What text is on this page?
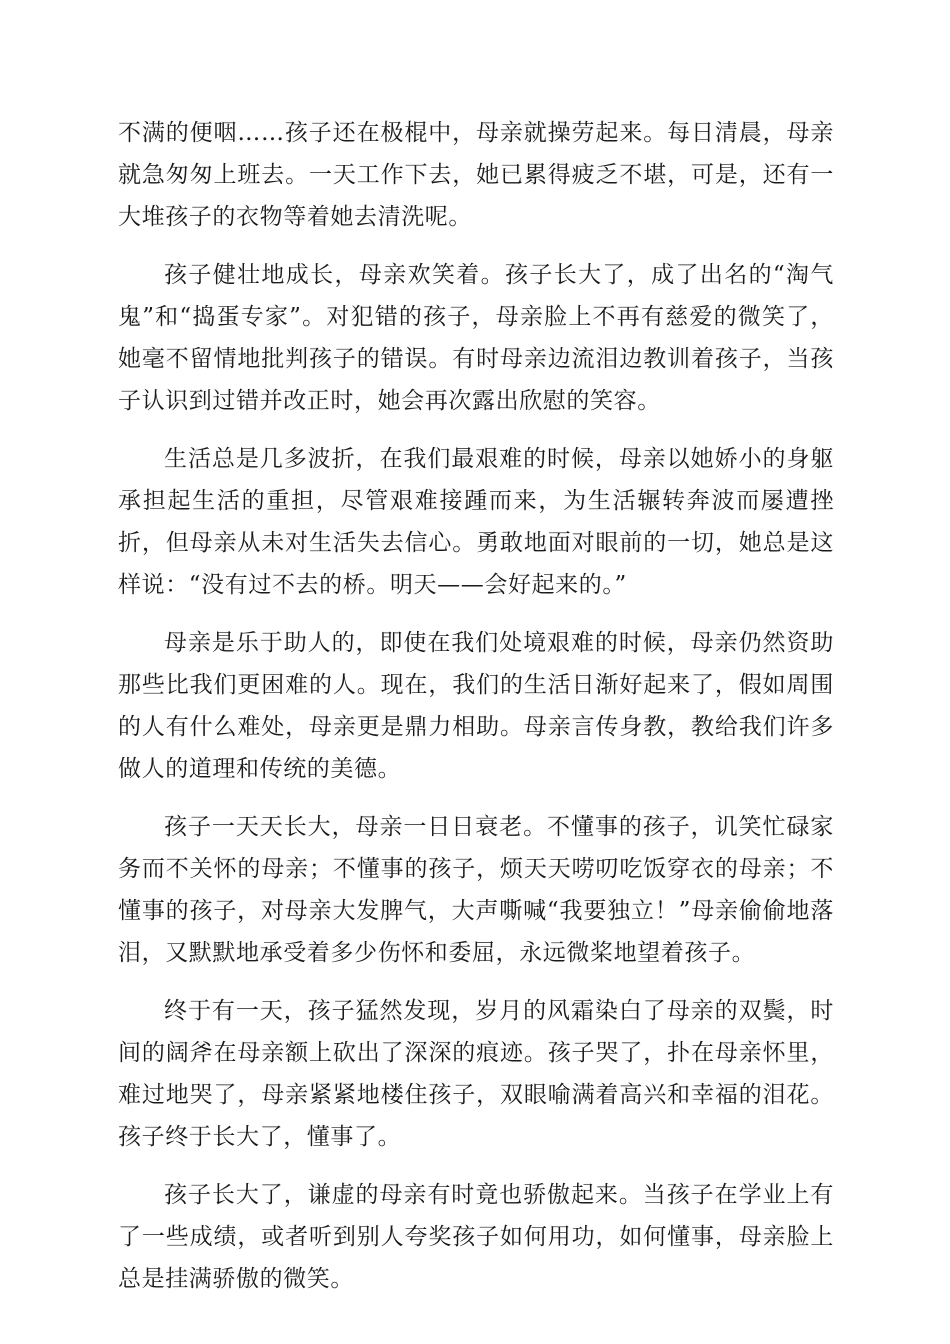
不满的便咽……孩子还在极棍中，母亲就操劳起来。每日清晨，母亲就急匆匆上班去。一天工作下去，她已累得疲乏不堪，可是，还有一大堆孩子的衣物等着她去清洗呢。

孩子健壮地成长，母亲欢笑着。孩子长大了，成了出名的“淘气鬼”和“捣蛋专家”。对犯错的孩子，母亲脸上不再有慈爱的微笑了，她毫不留情地批判孩子的错误。有时母亲边流泪边教训着孩子，当孩子认识到过错并改正时，她会再次露出欣慰的笑容。

生活总是几多波折，在我们最艰难的时候，母亲以她娇小的身躯承担起生活的重担，尽管艰难接踵而来，为生活辗转奔波而屡遭挫折，但母亲从未对生活失去信心。勇敢地面对眼前的一切，她总是这样说：“没有过不去的桥。明天——会好起来的。”

母亲是乐于助人的，即使在我们处境艰难的时候，母亲仍然资助那些比我们更困难的人。现在，我们的生活日渐好起来了，假如周围的人有什么难处，母亲更是鼎力相助。母亲言传身教，教给我们许多做人的道理和传统的美德。

孩子一天天长大，母亲一日日衰老。不懂事的孩子，讥笑忙碌家务而不关怀的母亲；不懂事的孩子，烦天天唠叨吃饭穿衣的母亲；不懂事的孩子，对母亲大发脾气，大声嘶喊“我要独立！”母亲偷偷地落泪，又默默地承受着多少伤怀和委屈，永远微桨地望着孩子。

终于有一天，孩子猛然发现，岁月的风霜染白了母亲的双鬓，时间的阔斧在母亲额上砍出了深深的痕迹。孩子哭了，扑在母亲怀里，难过地哭了，母亲紧紧地楼住孩子，双眼喻满着高兴和幸福的泪花。孩子终于长大了，懂事了。

孩子长大了，谦虚的母亲有时竟也骄傲起来。当孩子在学业上有了一些成绩，或者听到别人夸奖孩子如何用功，如何懂事，母亲脸上总是挂满骄傲的微笑。
